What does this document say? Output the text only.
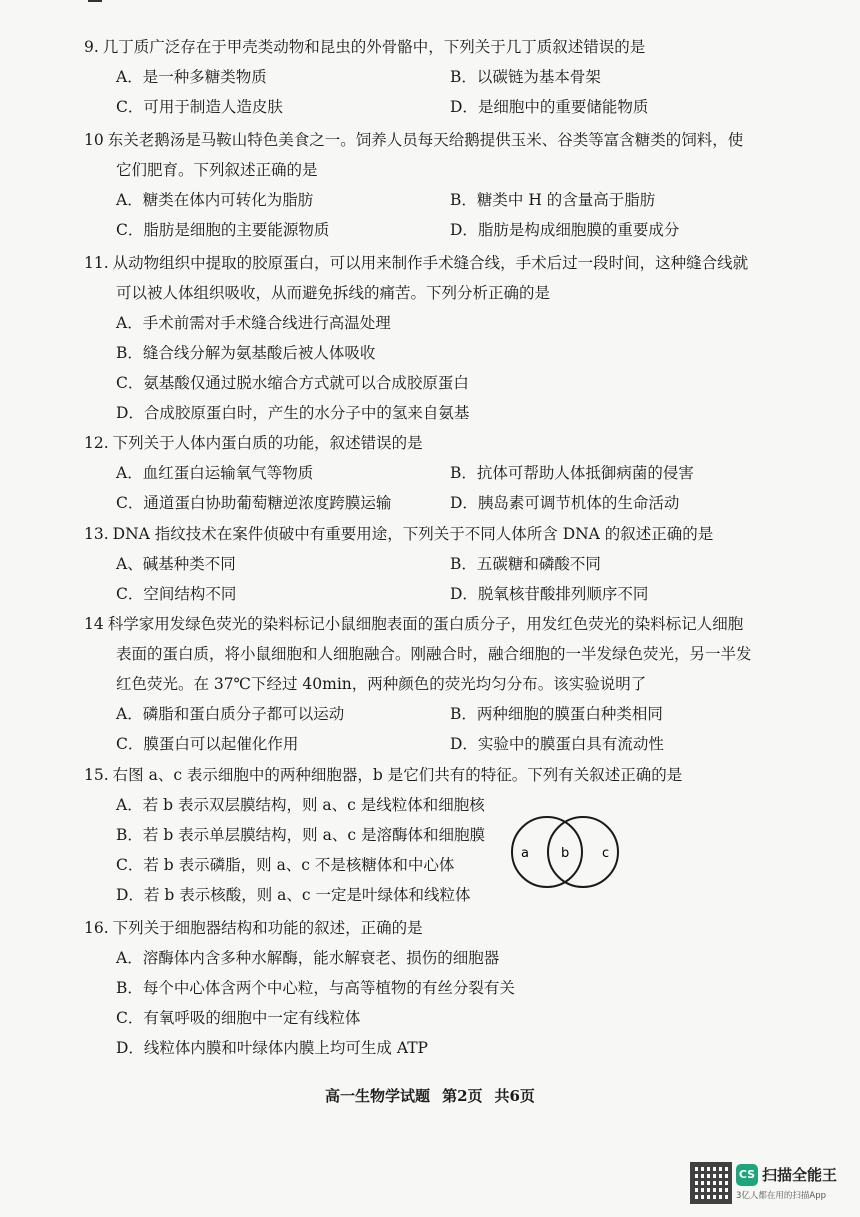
9. 几丁质广泛存在于甲壳类动物和昆虫的外骨骼中，下列关于几丁质叙述错误的是
A．是一种多糖类物质	B．以碳链为基本骨架
C．可用于制造人造皮肤	D．是细胞中的重要储能物质
10 东关老鹅汤是马鞍山特色美食之一。饲养人员每天给鹅提供玉米、谷类等富含糖类的饲料，使
它们肥育。下列叙述正确的是
A．糖类在体内可转化为脂肪	B．糖类中 H 的含量高于脂肪
C．脂肪是细胞的主要能源物质	D．脂肪是构成细胞膜的重要成分
11. 从动物组织中提取的胶原蛋白，可以用来制作手术缝合线，手术后过一段时间，这种缝合线就
可以被人体组织吸收，从而避免拆线的痛苦。下列分析正确的是
A．手术前需对手术缝合线进行高温处理
B．缝合线分解为氨基酸后被人体吸收
C．氨基酸仅通过脱水缩合方式就可以合成胶原蛋白
D．合成胶原蛋白时，产生的水分子中的氢来自氨基
12. 下列关于人体内蛋白质的功能，叙述错误的是
A．血红蛋白运输氧气等物质	B．抗体可帮助人体抵御病菌的侵害
C．通道蛋白协助葡萄糖逆浓度跨膜运输	D．胰岛素可调节机体的生命活动
13. DNA 指纹技术在案件侦破中有重要用途，下列关于不同人体所含 DNA 的叙述正确的是
A、碱基种类不同	B．五碳糖和磷酸不同
C．空间结构不同	D．脱氧核苷酸排列顺序不同
14 科学家用发绿色荧光的染料标记小鼠细胞表面的蛋白质分子，用发红色荧光的染料标记人细胞
表面的蛋白质，将小鼠细胞和人细胞融合。刚融合时，融合细胞的一半发绿色荧光，另一半发
红色荧光。在 37℃下经过 40min，两种颜色的荧光均匀分布。该实验说明了
A．磷脂和蛋白质分子都可以运动	B．两种细胞的膜蛋白种类相同
C．膜蛋白可以起催化作用	D．实验中的膜蛋白具有流动性
15. 右图 a、c 表示细胞中的两种细胞器，b 是它们共有的特征。下列有关叙述正确的是
A．若 b 表示双层膜结构，则 a、c 是线粒体和细胞核
B．若 b 表示单层膜结构，则 a、c 是溶酶体和细胞膜
C．若 b 表示磷脂，则 a、c 不是核糖体和中心体
D．若 b 表示核酸，则 a、c 一定是叶绿体和线粒体
a b	c
16. 下列关于细胞器结构和功能的叙述，正确的是
A．溶酶体内含多种水解酶，能水解衰老、损伤的细胞器
B．每个中心体含两个中心粒，与高等植物的有丝分裂有关
C．有氧呼吸的细胞中一定有线粒体
D．线粒体内膜和叶绿体内膜上均可生成 ATP
高一生物学试题 第2页 共6页
CS 扫描全能王
3亿人都在用的扫描App
